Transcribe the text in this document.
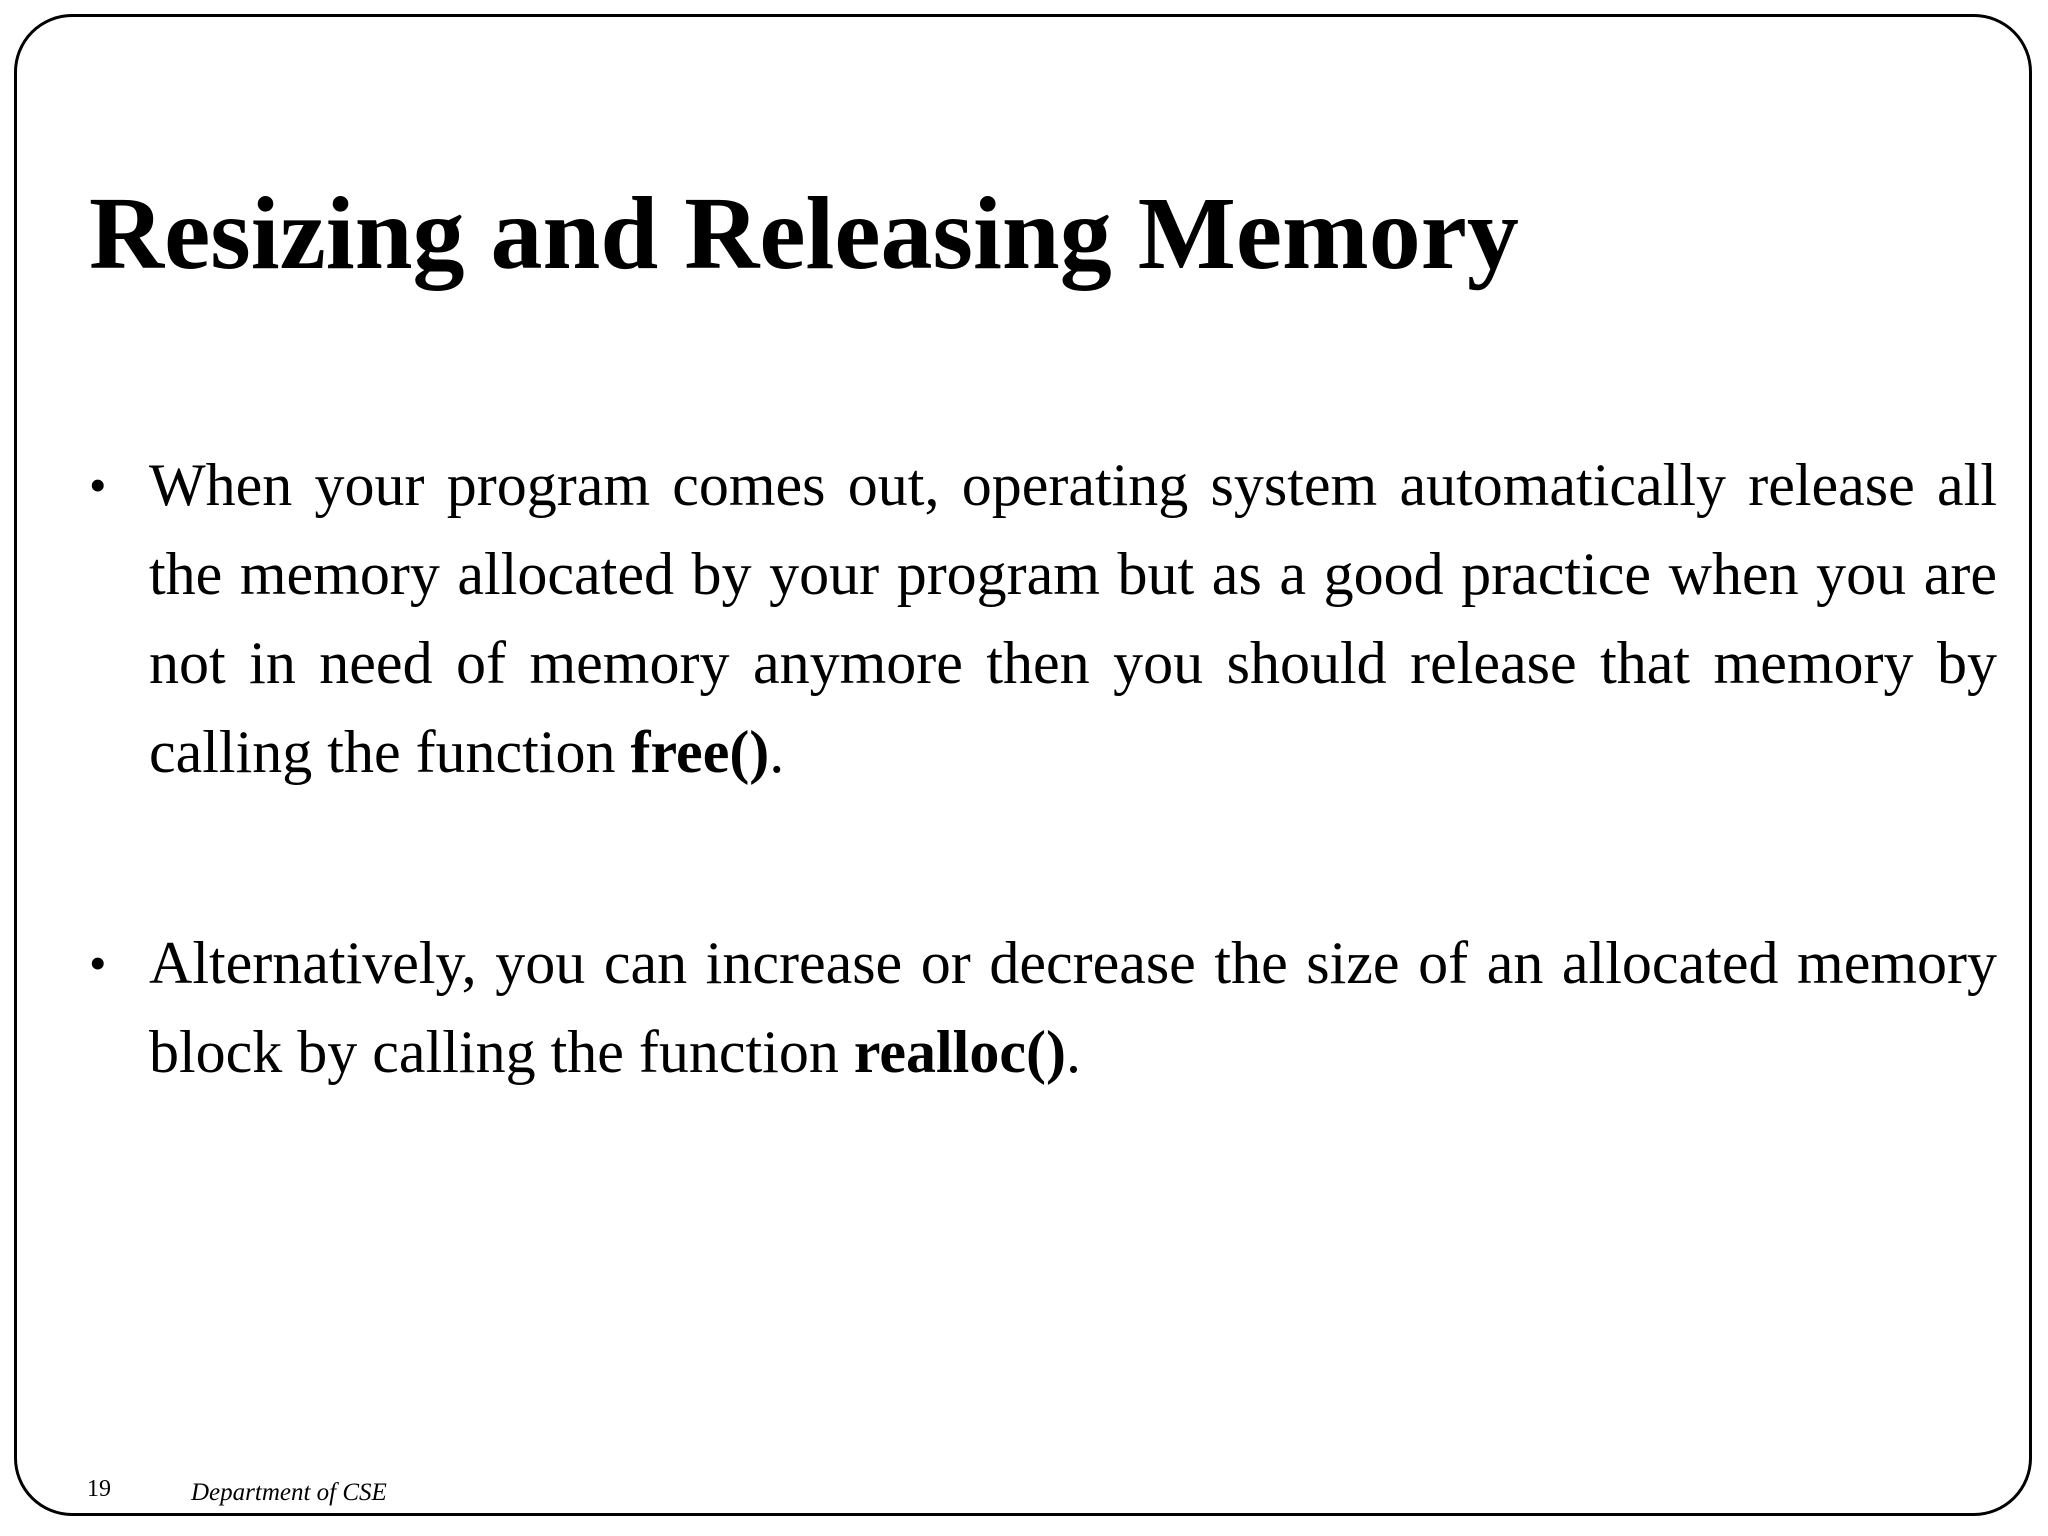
Resizing and Releasing Memory
• When your program comes out, operating system automatically release all the memory allocated by your program but as a good practice when you are not in need of memory anymore then you should release that memory by calling the function free().
• Alternatively, you can increase or decrease the size of an allocated memory block by calling the function realloc().
19	Department of CSE
